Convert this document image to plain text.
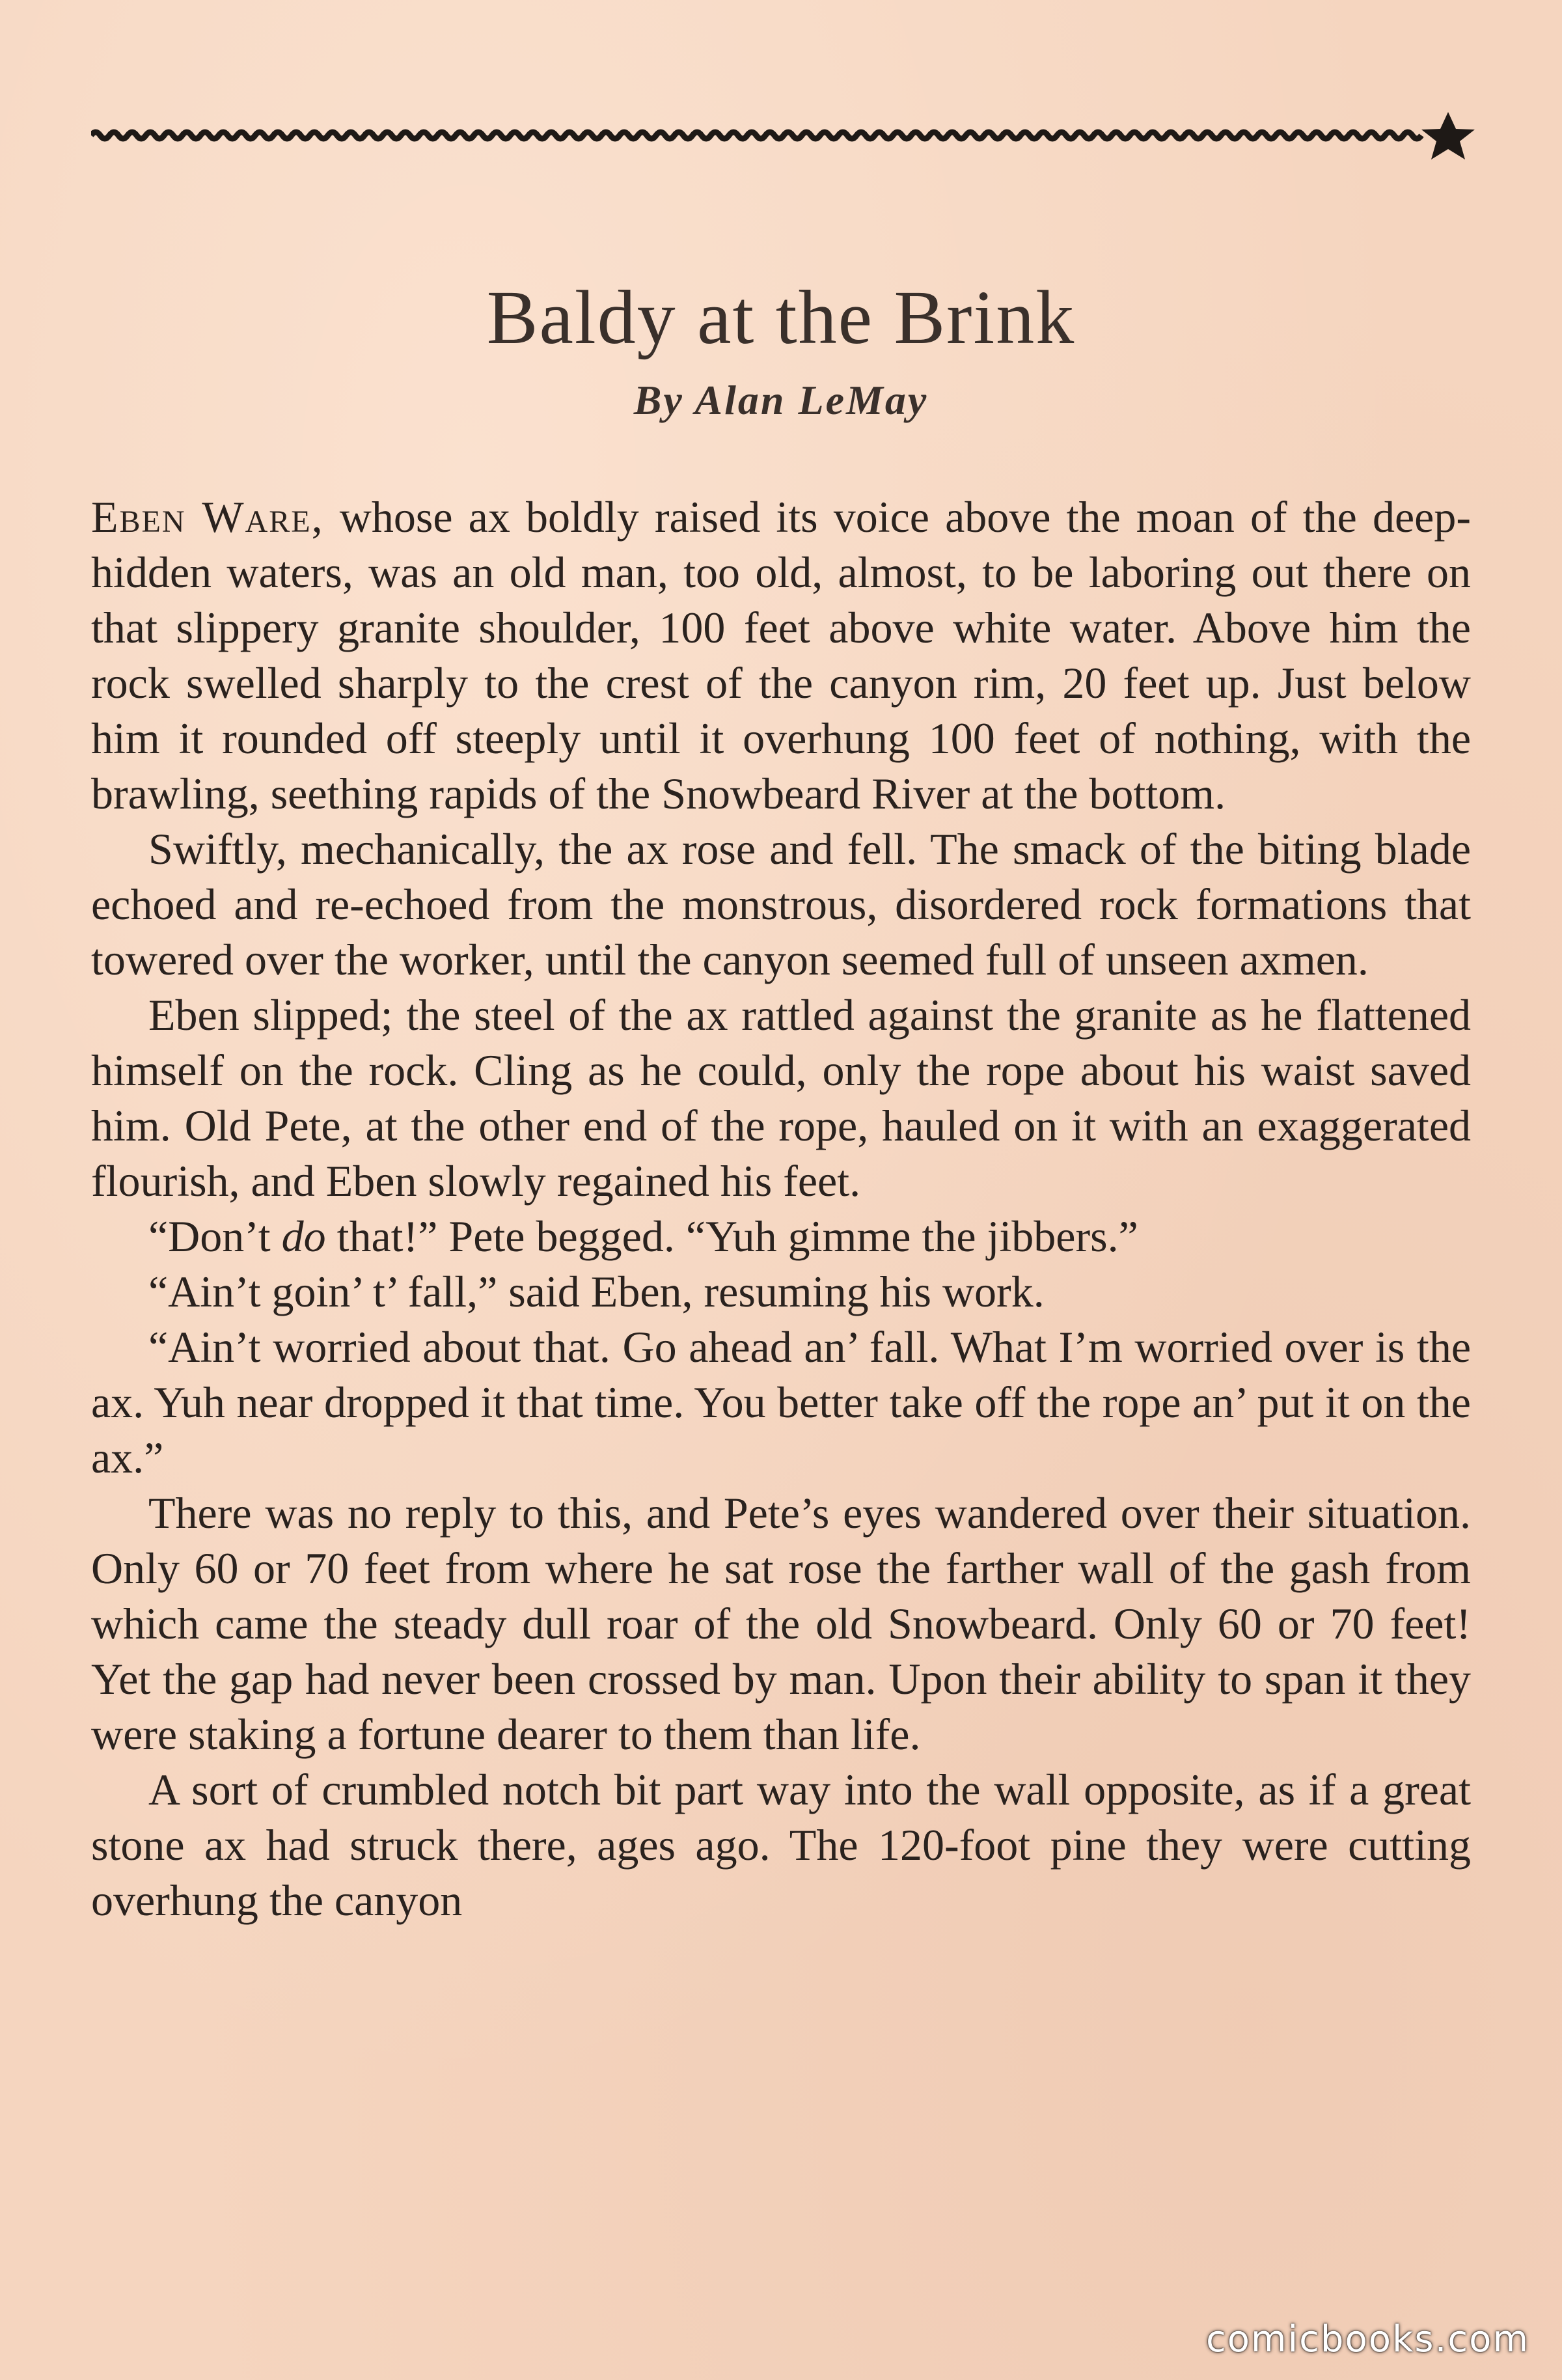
Baldy at the Brink
By Alan LeMay

Eben Ware, whose ax boldly raised its voice above the moan of the deep-hidden waters, was an old man, too old, almost, to be laboring out there on that slippery granite shoulder, 100 feet above white water. Above him the rock swelled sharply to the crest of the canyon rim, 20 feet up. Just below him it rounded off steeply until it overhung 100 feet of nothing, with the brawling, seething rapids of the Snowbeard River at the bottom.

Swiftly, mechanically, the ax rose and fell. The smack of the biting blade echoed and re-echoed from the monstrous, disordered rock formations that towered over the worker, until the canyon seemed full of unseen axmen.

Eben slipped; the steel of the ax rattled against the granite as he flattened himself on the rock. Cling as he could, only the rope about his waist saved him. Old Pete, at the other end of the rope, hauled on it with an exaggerated flourish, and Eben slowly regained his feet.

“Don’t do that!” Pete begged. “Yuh gimme the jibbers.”

“Ain’t goin’ t’ fall,” said Eben, resuming his work.

“Ain’t worried about that. Go ahead an’ fall. What I’m worried over is the ax. Yuh near dropped it that time. You better take off the rope an’ put it on the ax.”

There was no reply to this, and Pete’s eyes wandered over their situation. Only 60 or 70 feet from where he sat rose the farther wall of the gash from which came the steady dull roar of the old Snowbeard. Only 60 or 70 feet! Yet the gap had never been crossed by man. Upon their ability to span it they were staking a fortune dearer to them than life.

A sort of crumbled notch bit part way into the wall opposite, as if a great stone ax had struck there, ages ago. The 120-foot pine they were cutting overhung the canyon

comicbooks.com
